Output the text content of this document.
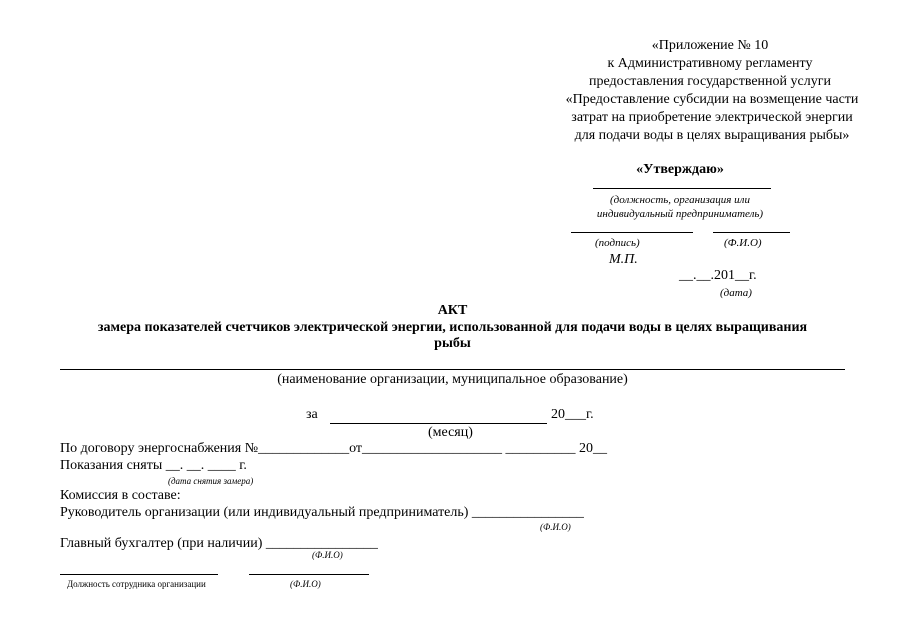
«Приложение № 10
к Административному регламенту
предоставления государственной услуги
«Предоставление субсидии на возмещение части
затрат на приобретение электрической энергии
для подачи воды в целях выращивания рыбы»
«Утверждаю»
(должность, организация или
индивидуальный предприниматель)
(подпись)	(Ф.И.О)
М.П.
__.__.201__г.
(дата)
АКТ
замера показателей счетчиков электрической энергии, использованной для подачи воды в целях выращивания
рыбы
(наименование организации, муниципальное образование)
за	20___г.
(месяц)
По договору энергоснабжения №_____________от____________________ __________ 20__
Показания сняты __. __. ____ г.
(дата снятия замера)
Комиссия в составе:
Руководитель организации (или индивидуальный предприниматель) ________________
(Ф.И.О)
Главный бухгалтер (при наличии) ________________
(Ф.И.О)
Должность сотрудника организации	(Ф.И.О)
